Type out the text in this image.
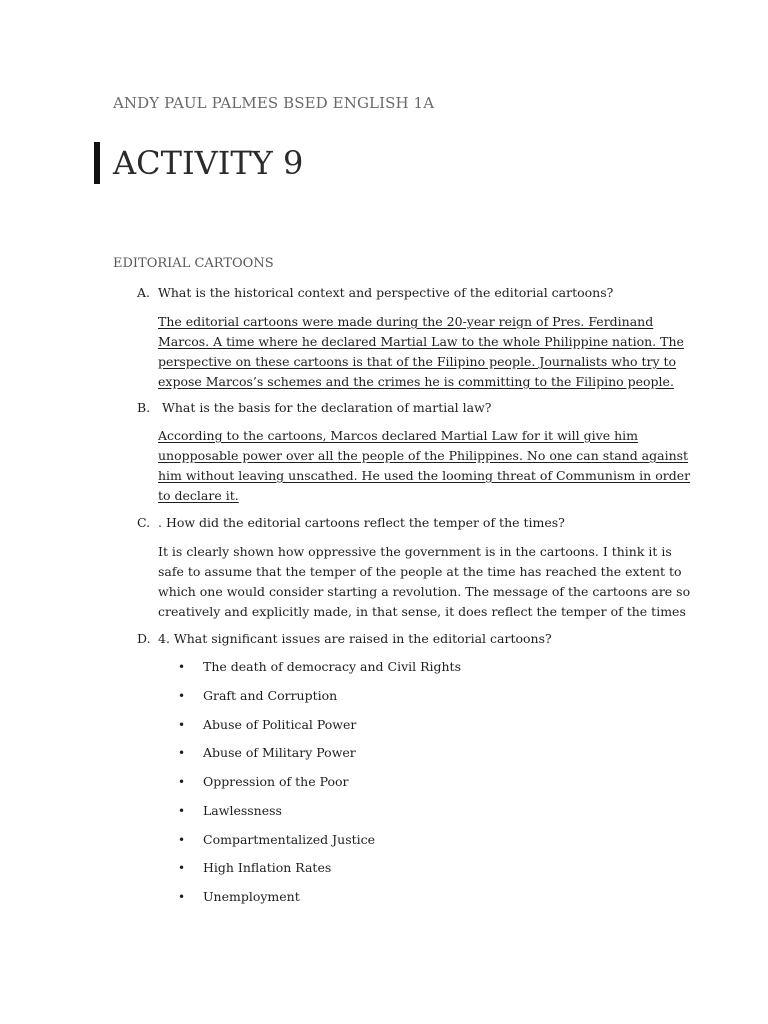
ANDY PAUL PALMES BSED ENGLISH 1A
ACTIVITY 9
EDITORIAL CARTOONS
A. What is the historical context and perspective of the editorial cartoons?
The editorial cartoons were made during the 20-year reign of Pres. Ferdinand
Marcos. A time where he declared Martial Law to the whole Philippine nation. The
perspective on these cartoons is that of the Filipino people. Journalists who try to
expose Marcos’s schemes and the crimes he is committing to the Filipino people.
B. What is the basis for the declaration of martial law?
According to the cartoons, Marcos declared Martial Law for it will give him
unopposable power over all the people of the Philippines. No one can stand against
him without leaving unscathed. He used the looming threat of Communism in order
to declare it.
C. . How did the editorial cartoons reflect the temper of the times?
It is clearly shown how oppressive the government is in the cartoons. I think it is
safe to assume that the temper of the people at the time has reached the extent to
which one would consider starting a revolution. The message of the cartoons are so
creatively and explicitly made, in that sense, it does reflect the temper of the times
D. 4. What significant issues are raised in the editorial cartoons?
• The death of democracy and Civil Rights
• Graft and Corruption
• Abuse of Political Power
• Abuse of Military Power
• Oppression of the Poor
• Lawlessness
• Compartmentalized Justice
• High Inflation Rates
• Unemployment
